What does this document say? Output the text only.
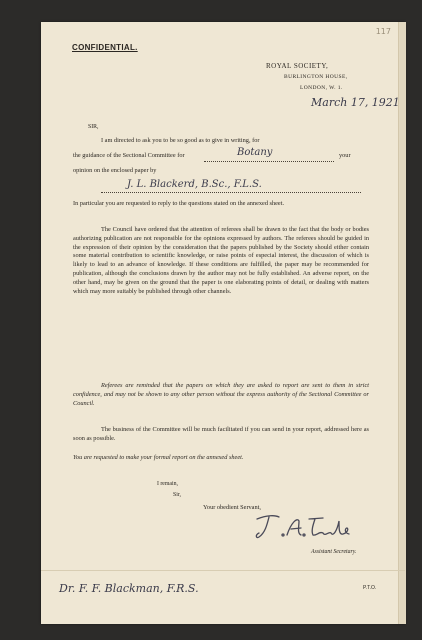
117
CONFIDENTIAL.
ROYAL SOCIETY,
BURLINGTON HOUSE,
LONDON, W. 1.
March 17, 1921
SIR,
I am directed to ask you to be so good as to give in writing, for
the guidance of the Sectional Committee for	Botany	your
opinion on the enclosed paper by
J. L. Blackerd, B.Sc., F.L.S.

In particular you are requested to reply to the questions stated on the annexed sheet.

The Council have ordered that the attention of referees shall be drawn to the fact that the body or bodies authorizing publication are not responsible for the opinions expressed by authors. The referees should be guided in the expression of their opinion by the consideration that the papers published by the Society should either contain some material contribution to scientific knowledge, or raise points of especial interest, the discussion of which is likely to lead to an advance of knowledge. If these conditions are fulfilled, the paper may be recommended for publication, although the conclusions drawn by the author may not be fully established. An adverse report, on the other hand, may be given on the ground that the paper is one elaborating points of detail, or dealing with matters which may more suitably be published through other channels.

Referees are reminded that the papers on which they are asked to report are sent to them in strict confidence, and may not be shown to any other person without the express authority of the Sectional Committee or Council.

The business of the Committee will be much facilitated if you can send in your report, addressed here as soon as possible.

You are requested to make your formal report on the annexed sheet.
I remain,
Sir,
Your obedient Servant,
Assistant Secretary.
Dr. F. F. Blackman, F.R.S.	P.T.O.
